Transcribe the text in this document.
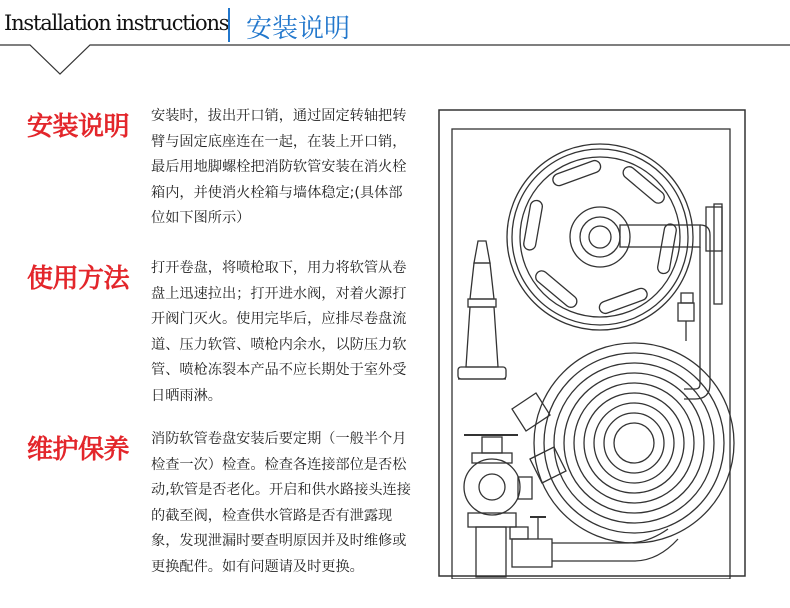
Installation instructions 安装说明
安装说明 安装时，拔出开口销，通过固定转轴把转臂与固定底座连在一起，在装上开口销，最后用地脚螺栓把消防软管安装在消火栓箱内，并使消火栓箱与墙体稳定;(具体部位如下图所示）
使用方法 打开卷盘，将喷枪取下，用力将软管从卷盘上迅速拉出；打开进水阀，对着火源打开阀门灭火。使用完毕后，应排尽卷盘流道、压力软管、喷枪内余水，以防压力软管、喷枪冻裂本产品不应长期处于室外受日晒雨淋。
维护保养 消防软管卷盘安装后要定期（一般半个月检查一次）检查。检查各连接部位是否松动,软管是否老化。开启和供水路接头连接的截至阀，检查供水管路是否有泄露现象，发现泄漏时要查明原因并及时维修或更换配件。如有问题请及时更换。
